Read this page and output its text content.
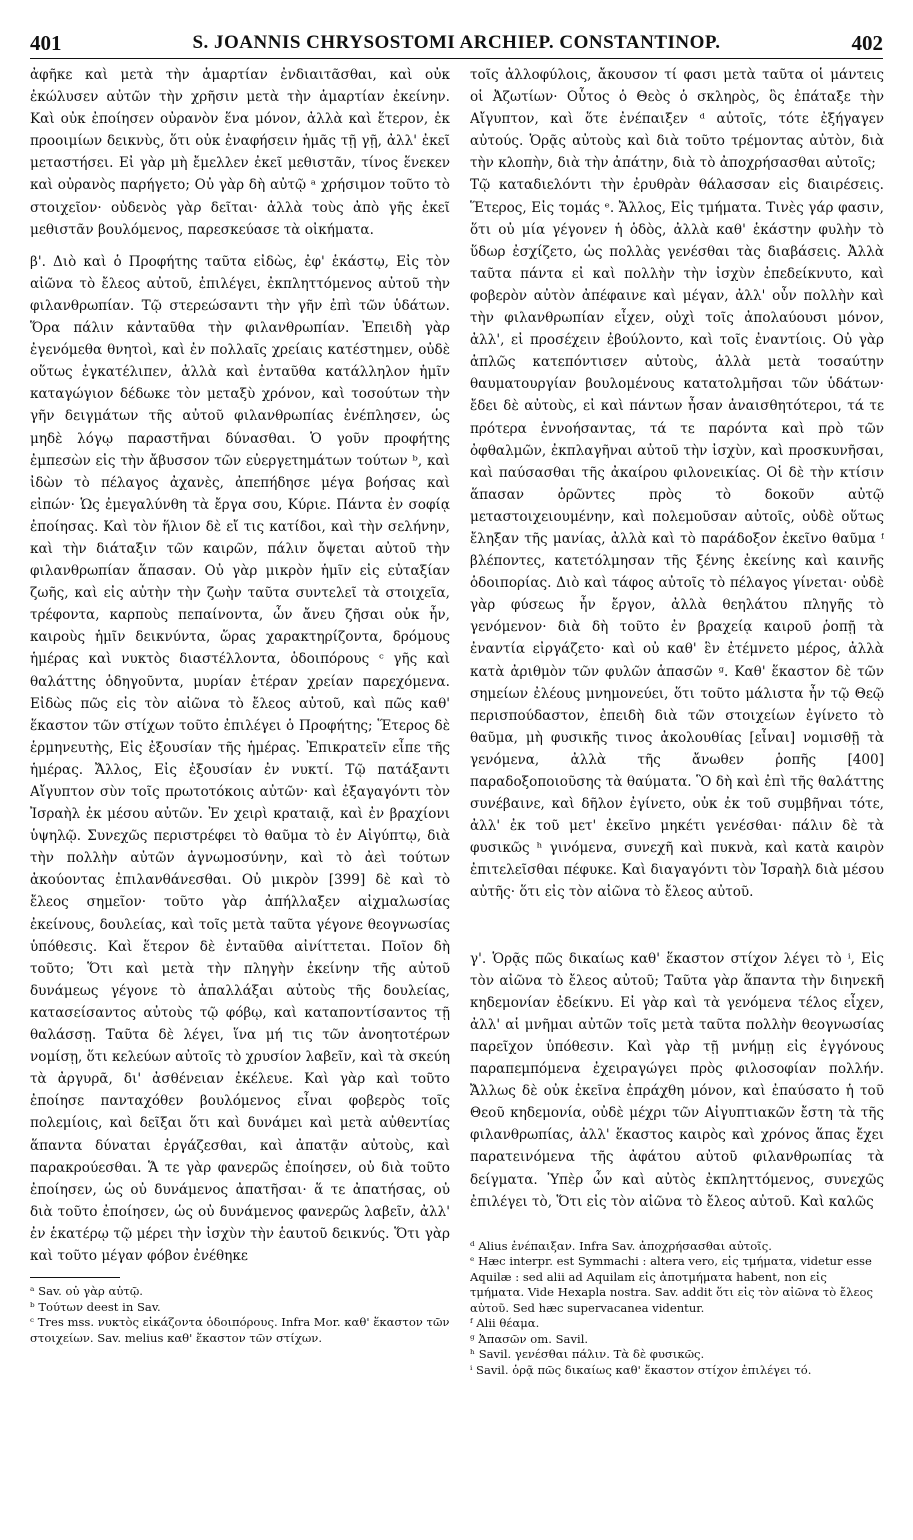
401	S. JOANNIS CHRYSOSTOMI ARCHIEP. CONSTANTINOP.	402

ἀφῆκε καὶ μετὰ τὴν ἁμαρτίαν ἐνδιαιτᾶσθαι, καὶ οὐκ ἐκώλυσεν αὐτῶν τὴν χρῆσιν μετὰ τὴν ἁμαρτίαν ἐκείνην. Καὶ οὐκ ἐποίησεν οὐρανὸν ἕνα μόνον, ἀλλὰ καὶ ἕτερον, ἐκ προοιμίων δεικνὺς, ὅτι οὐκ ἐναφήσειν ἡμᾶς τῇ γῇ, ἀλλ' ἐκεῖ μεταστήσει. Εἰ γὰρ μὴ ἔμελλεν ἐκεῖ μεθιστᾶν, τίνος ἕνεκεν καὶ οὐρανὸς παρήγετο; Οὐ γὰρ δὴ αὐτῷ ᵃ χρήσιμον τοῦτο τὸ στοιχεῖον· οὐδενὸς γὰρ δεῖται· ἀλλὰ τοὺς ἀπὸ γῆς ἐκεῖ μεθιστᾶν βουλόμενος, παρεσκεύασε τὰ οἰκήματα.

β'. Διὸ καὶ ὁ Προφήτης ταῦτα εἰδὼς, ἐφ' ἑκάστῳ, Εἰς τὸν αἰῶνα τὸ ἔλεος αὐτοῦ, ἐπιλέγει, ἐκπληττόμενος αὐτοῦ τὴν φιλανθρωπίαν. Τῷ στερεώσαντι τὴν γῆν ἐπὶ τῶν ὑδάτων. Ὅρα πάλιν κἀνταῦθα τὴν φιλανθρωπίαν. Ἐπειδὴ γὰρ ἐγενόμεθα θνητοὶ, καὶ ἐν πολλαῖς χρείαις κατέστημεν, οὐδὲ οὕτως ἐγκατέλιπεν, ἀλλὰ καὶ ἐνταῦθα κατάλληλον ἡμῖν καταγώγιον δέδωκε τὸν μεταξὺ χρόνον, καὶ τοσούτων τὴν γῆν δειγμάτων τῆς αὐτοῦ φιλανθρωπίας ἐνέπλησεν, ὡς μηδὲ λόγῳ παραστῆναι δύνασθαι. Ὁ γοῦν προφήτης ἐμπεσὼν εἰς τὴν ἄβυσσον τῶν εὐεργετημάτων τούτων ᵇ, καὶ ἰδὼν τὸ πέλαγος ἀχανὲς, ἀπεπήδησε μέγα βοήσας καὶ εἰπών· Ὡς ἐμεγαλύνθη τὰ ἔργα σου, Κύριε. Πάντα ἐν σοφίᾳ ἐποίησας. Καὶ τὸν ἥλιον δὲ εἴ τις κατίδοι, καὶ τὴν σελήνην, καὶ τὴν διάταξιν τῶν καιρῶν, πάλιν ὄψεται αὐτοῦ τὴν φιλανθρωπίαν ἅπασαν. Οὐ γὰρ μικρὸν ἡμῖν εἰς εὐταξίαν ζωῆς, καὶ εἰς αὐτὴν τὴν ζωὴν ταῦτα συντελεῖ τὰ στοιχεῖα, τρέφοντα, καρποὺς πεπαίνοντα, ὧν ἄνευ ζῆσαι οὐκ ἦν, καιροὺς ἡμῖν δεικνύντα, ὥρας χαρακτηρίζοντα, δρόμους ἡμέρας καὶ νυκτὸς διαστέλλοντα, ὁδοιπόρους ᶜ γῆς καὶ θαλάττης ὁδηγοῦντα, μυρίαν ἑτέραν χρείαν παρεχόμενα. Εἰδὼς πῶς εἰς τὸν αἰῶνα τὸ ἔλεος αὐτοῦ, καὶ πῶς καθ' ἕκαστον τῶν στίχων τοῦτο ἐπιλέγει ὁ Προφήτης; Ἕτερος δὲ ἑρμηνευτὴς, Εἰς ἐξουσίαν τῆς ἡμέρας. Ἐπικρατεῖν εἶπε τῆς ἡμέρας. Ἄλλος, Εἰς ἐξουσίαν ἐν νυκτί. Τῷ πατάξαντι Αἴγυπτον σὺν τοῖς πρωτοτόκοις αὐτῶν· καὶ ἐξαγαγόντι τὸν Ἰσραὴλ ἐκ μέσου αὐτῶν. Ἐν χειρὶ κραταιᾷ, καὶ ἐν βραχίονι ὑψηλῷ. Συνεχῶς περιστρέφει τὸ θαῦμα τὸ ἐν Αἰγύπτῳ, διὰ τὴν πολλὴν αὐτῶν ἀγνωμοσύνην, καὶ τὸ ἀεὶ τούτων ἀκούοντας ἐπιλανθάνεσθαι. Οὐ μικρὸν [399] δὲ καὶ τὸ ἔλεος σημεῖον· τοῦτο γὰρ ἀπήλλαξεν αἰχμαλωσίας ἐκείνους, δουλείας, καὶ τοῖς μετὰ ταῦτα γέγονε θεογνωσίας ὑπόθεσις. Καὶ ἕτερον δὲ ἐνταῦθα αἰνίττεται. Ποῖον δὴ τοῦτο; Ὅτι καὶ μετὰ τὴν πληγὴν ἐκείνην τῆς αὐτοῦ δυνάμεως γέγονε τὸ ἀπαλλάξαι αὐτοὺς τῆς δουλείας, κατασείσαντος αὐτοὺς τῷ φόβῳ, καὶ καταποντίσαντος τῇ θαλάσσῃ. Ταῦτα δὲ λέγει, ἵνα μή τις τῶν ἀνοητοτέρων νομίσῃ, ὅτι κελεύων αὐτοῖς τὸ χρυσίον λαβεῖν, καὶ τὰ σκεύη τὰ ἀργυρᾶ, δι' ἀσθένειαν ἐκέλευε. Καὶ γὰρ καὶ τοῦτο ἐποίησε πανταχόθεν βουλόμενος εἶναι φοβερὸς τοῖς πολεμίοις, καὶ δεῖξαι ὅτι καὶ δυνάμει καὶ μετὰ αὐθεντίας ἅπαντα δύναται ἐργάζεσθαι, καὶ ἀπατᾷν αὐτοὺς, καὶ παρακρούεσθαι. Ἅ τε γὰρ φανερῶς ἐποίησεν, οὐ διὰ τοῦτο ἐποίησεν, ὡς οὐ δυνάμενος ἀπατῆσαι· ἅ τε ἀπατήσας, οὐ διὰ τοῦτο ἐποίησεν, ὡς οὐ δυνάμενος φανερῶς λαβεῖν, ἀλλ' ἐν ἑκατέρῳ τῷ μέρει τὴν ἰσχὺν τὴν ἑαυτοῦ δεικνύς. Ὅτι γὰρ καὶ τοῦτο μέγαν φόβον ἐνέθηκε

ᵃ Sav. οὐ γὰρ αὐτῷ.

ᵇ Τούτων deest in Sav.

ᶜ Tres mss. νυκτὸς εἰκάζοντα ὁδοιπόρους. Infra Mor. καθ' ἕκαστον τῶν στοιχείων. Sav. melius καθ' ἕκαστον τῶν στίχων.

τοῖς ἀλλοφύλοις, ἄκουσον τί φασι μετὰ ταῦτα οἱ μάντεις οἱ Ἀζωτίων· Οὗτος ὁ Θεὸς ὁ σκληρὸς, ὃς ἐπάταξε τὴν Αἴγυπτον, καὶ ὅτε ἐνέπαιξεν ᵈ αὐτοῖς, τότε ἐξήγαγεν αὐτούς. Ὁρᾷς αὐτοὺς καὶ διὰ τοῦτο τρέμοντας αὐτὸν, διὰ τὴν κλοπὴν, διὰ τὴν ἀπάτην, διὰ τὸ ἀποχρήσασθαι αὐτοῖς;

Τῷ καταδιελόντι τὴν ἐρυθρὰν θάλασσαν εἰς διαιρέσεις. Ἕτερος, Εἰς τομάς ᵉ. Ἄλλος, Εἰς τμήματα. Τινὲς γάρ φασιν, ὅτι οὐ μία γέγονεν ἡ ὁδὸς, ἀλλὰ καθ' ἑκάστην φυλὴν τὸ ὕδωρ ἐσχίζετο, ὡς πολλὰς γενέσθαι τὰς διαβάσεις. Ἀλλὰ ταῦτα πάντα εἰ καὶ πολλὴν τὴν ἰσχὺν ἐπεδείκνυτο, καὶ φοβερὸν αὐτὸν ἀπέφαινε καὶ μέγαν, ἀλλ' οὖν πολλὴν καὶ τὴν φιλανθρωπίαν εἶχεν, οὐχὶ τοῖς ἀπολαύουσι μόνον, ἀλλ', εἰ προσέχειν ἐβούλοντο, καὶ τοῖς ἐναντίοις. Οὐ γὰρ ἁπλῶς κατεπόντισεν αὐτοὺς, ἀλλὰ μετὰ τοσαύτην θαυματουργίαν βουλομένους κατατολμῆσαι τῶν ὑδάτων· ἔδει δὲ αὐτοὺς, εἰ καὶ πάντων ἦσαν ἀναισθητότεροι, τά τε πρότερα ἐννοήσαντας, τά τε παρόντα καὶ πρὸ τῶν ὀφθαλμῶν, ἐκπλαγῆναι αὐτοῦ τὴν ἰσχὺν, καὶ προσκυνῆσαι, καὶ παύσασθαι τῆς ἀκαίρου φιλονεικίας. Οἱ δὲ τὴν κτίσιν ἅπασαν ὁρῶντες πρὸς τὸ δοκοῦν αὐτῷ μεταστοιχειουμένην, καὶ πολεμοῦσαν αὐτοῖς, οὐδὲ οὕτως ἔληξαν τῆς μανίας, ἀλλὰ καὶ τὸ παράδοξον ἐκεῖνο θαῦμα ᶠ βλέποντες, κατετόλμησαν τῆς ξένης ἐκείνης καὶ καινῆς ὁδοιπορίας. Διὸ καὶ τάφος αὐτοῖς τὸ πέλαγος γίνεται· οὐδὲ γὰρ φύσεως ἦν ἔργον, ἀλλὰ θεηλάτου πληγῆς τὸ γενόμενον· διὰ δὴ τοῦτο ἐν βραχείᾳ καιροῦ ῥοπῇ τὰ ἐναντία εἰργάζετο· καὶ οὐ καθ' ἓν ἐτέμνετο μέρος, ἀλλὰ κατὰ ἀριθμὸν τῶν φυλῶν ἁπασῶν ᵍ. Καθ' ἕκαστον δὲ τῶν σημείων ἐλέους μνημονεύει, ὅτι τοῦτο μάλιστα ἦν τῷ Θεῷ περισπούδαστον, ἐπειδὴ διὰ τῶν στοιχείων ἐγίνετο τὸ θαῦμα, μὴ φυσικῆς τινος ἀκολουθίας [εἶναι] νομισθῇ τὰ γενόμενα, ἀλλὰ τῆς ἄνωθεν ῥοπῆς [400] παραδοξοποιοῦσης τὰ θαύματα. Ὃ δὴ καὶ ἐπὶ τῆς θαλάττης συνέβαινε, καὶ δῆλον ἐγίνετο, οὐκ ἐκ τοῦ συμβῆναι τότε, ἀλλ' ἐκ τοῦ μετ' ἐκεῖνο μηκέτι γενέσθαι· πάλιν δὲ τὰ φυσικῶς ʰ γινόμενα, συνεχῆ καὶ πυκνὰ, καὶ κατὰ καιρὸν ἐπιτελεῖσθαι πέφυκε. Καὶ διαγαγόντι τὸν Ἰσραὴλ διὰ μέσου αὐτῆς· ὅτι εἰς τὸν αἰῶνα τὸ ἔλεος αὐτοῦ.

γ'. Ὁρᾷς πῶς δικαίως καθ' ἕκαστον στίχον λέγει τὸ ⁱ, Εἰς τὸν αἰῶνα τὸ ἔλεος αὐτοῦ; Ταῦτα γὰρ ἅπαντα τὴν διηνεκῆ κηδεμονίαν ἐδείκνυ. Εἰ γὰρ καὶ τὰ γενόμενα τέλος εἶχεν, ἀλλ' αἱ μνῆμαι αὐτῶν τοῖς μετὰ ταῦτα πολλὴν θεογνωσίας παρεῖχον ὑπόθεσιν. Καὶ γὰρ τῇ μνήμῃ εἰς ἐγγόνους παραπεμπόμενα ἐχειραγώγει πρὸς φιλοσοφίαν πολλήν. Ἄλλως δὲ οὐκ ἐκεῖνα ἐπράχθη μόνον, καὶ ἐπαύσατο ἡ τοῦ Θεοῦ κηδεμονία, οὐδὲ μέχρι τῶν Αἰγυπτιακῶν ἔστη τὰ τῆς φιλανθρωπίας, ἀλλ' ἕκαστος καιρὸς καὶ χρόνος ἅπας ἔχει παρατεινόμενα τῆς ἀφάτου αὐτοῦ φιλανθρωπίας τὰ δείγματα. Ὑπὲρ ὧν καὶ αὐτὸς ἐκπληττόμενος, συνεχῶς ἐπιλέγει τὸ, Ὅτι εἰς τὸν αἰῶνα τὸ ἔλεος αὐτοῦ. Καὶ καλῶς

ᵈ Alius ἐνέπαιξαν. Infra Sav. ἀποχρήσασθαι αὐτοῖς.

ᵉ Hæc interpr. est Symmachi : altera vero, εἰς τμήματα, videtur esse Aquilæ : sed alii ad Aquilam εἰς ἀποτμήματα habent, non εἰς τμήματα. Vide Hexapla nostra. Sav. addit ὅτι εἰς τὸν αἰῶνα τὸ ἔλεος αὐτοῦ. Sed hæc supervacanea videntur.

ᶠ Alii θέαμα.

ᵍ Ἁπασῶν om. Savil.

ʰ Savil. γενέσθαι πάλιν. Τὰ δὲ φυσικῶς.

ⁱ Savil. ὁρᾷ πῶς δικαίως καθ' ἕκαστον στίχον ἐπιλέγει τό.
